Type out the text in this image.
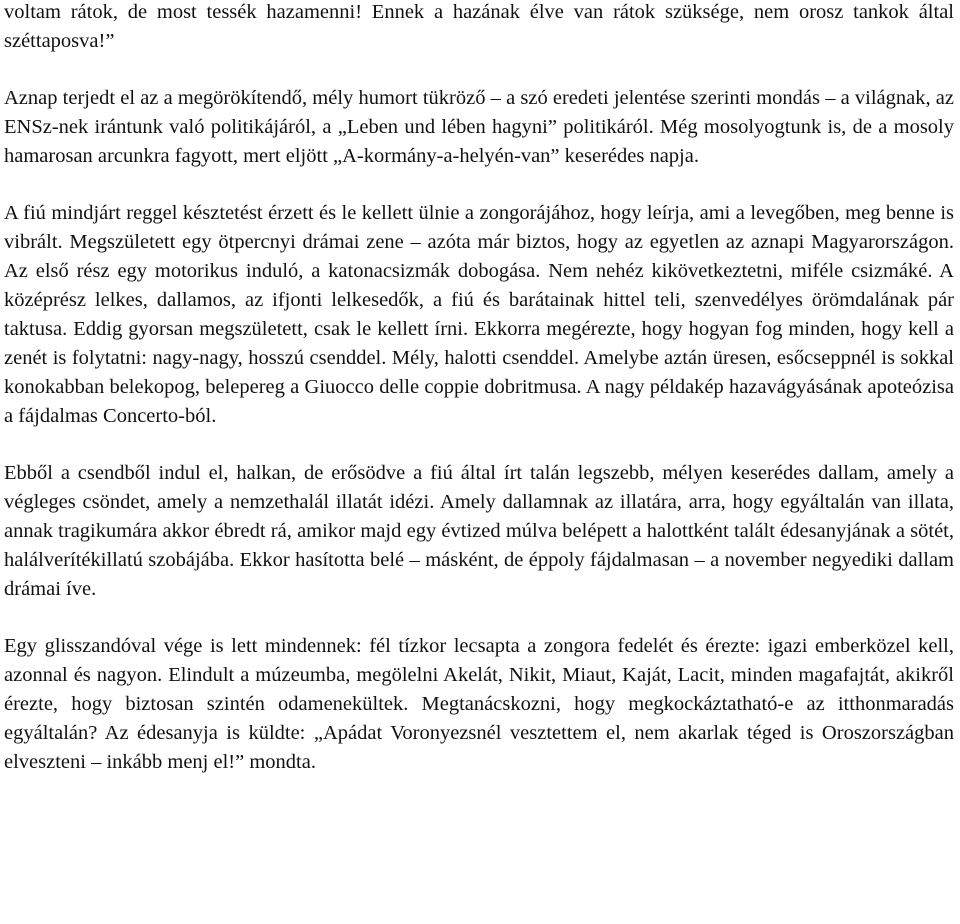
voltam rátok, de most tessék hazamenni! Ennek a hazának élve van rátok szüksége, nem orosz tankok által széttaposva!”

Aznap terjedt el az a megörökítendő, mély humort tükröző – a szó eredeti jelentése szerinti mondás – a világnak, az ENSz-nek irántunk való politikájáról, a „Leben und lében hagyni” politikáról. Még mosolyogtunk is, de a mosoly hamarosan arcunkra fagyott, mert eljött „A-kormány-a-helyén-van” keserédes napja.

A fiú mindjárt reggel késztetést érzett és le kellett ülnie a zongorájához, hogy leírja, ami a levegőben, meg benne is vibrált. Megszületett egy ötpercnyi drámai zene – azóta már biztos, hogy az egyetlen az aznapi Magyarországon. Az első rész egy motorikus induló, a katonacsizmák dobogása. Nem nehéz kikövetkeztetni, miféle csizmáké. A középrész lelkes, dallamos, az ifjonti lelkesedők, a fiú és barátainak hittel teli, szenvedélyes örömdalának pár taktusa. Eddig gyorsan megszületett, csak le kellett írni. Ekkorra megérezte, hogy hogyan fog minden, hogy kell a zenét is folytatni: nagy-nagy, hosszú csenddel. Mély, halotti csenddel. Amelybe aztán üresen, esőcseppnél is sokkal konokabban belekopog, belepereg a Giuocco delle coppie dobritmusa. A nagy példakép hazavágyásának apoteózisa a fájdalmas Concerto-ból.

Ebből a csendből indul el, halkan, de erősödve a fiú által írt talán legszebb, mélyen keserédes dallam, amely a végleges csöndet, amely a nemzethalál illatát idézi. Amely dallamnak az illatára, arra, hogy egyáltalán van illata, annak tragikumára akkor ébredt rá, amikor majd egy évtized múlva belépett a halottként talált édesanyjának a sötét, halálverítékillatú szobájába. Ekkor hasította belé – másként, de éppoly fájdalmasan – a november negyediki dallam drámai íve.

Egy glisszandóval vége is lett mindennek: fél tízkor lecsapta a zongora fedelét és érezte: igazi emberközel kell, azonnal és nagyon. Elindult a múzeumba, megölelni Akelát, Nikit, Miaut, Kaját, Lacit, minden magafajtát, akikről érezte, hogy biztosan szintén odamenekültek. Megtanácskozni, hogy megkockáztatható-e az itthonmaradás egyáltalán? Az édesanyja is küldte: „Apádat Voronyezsnél vesztettem el, nem akarlak téged is Oroszországban elveszteni – inkább menj el!” mondta.
